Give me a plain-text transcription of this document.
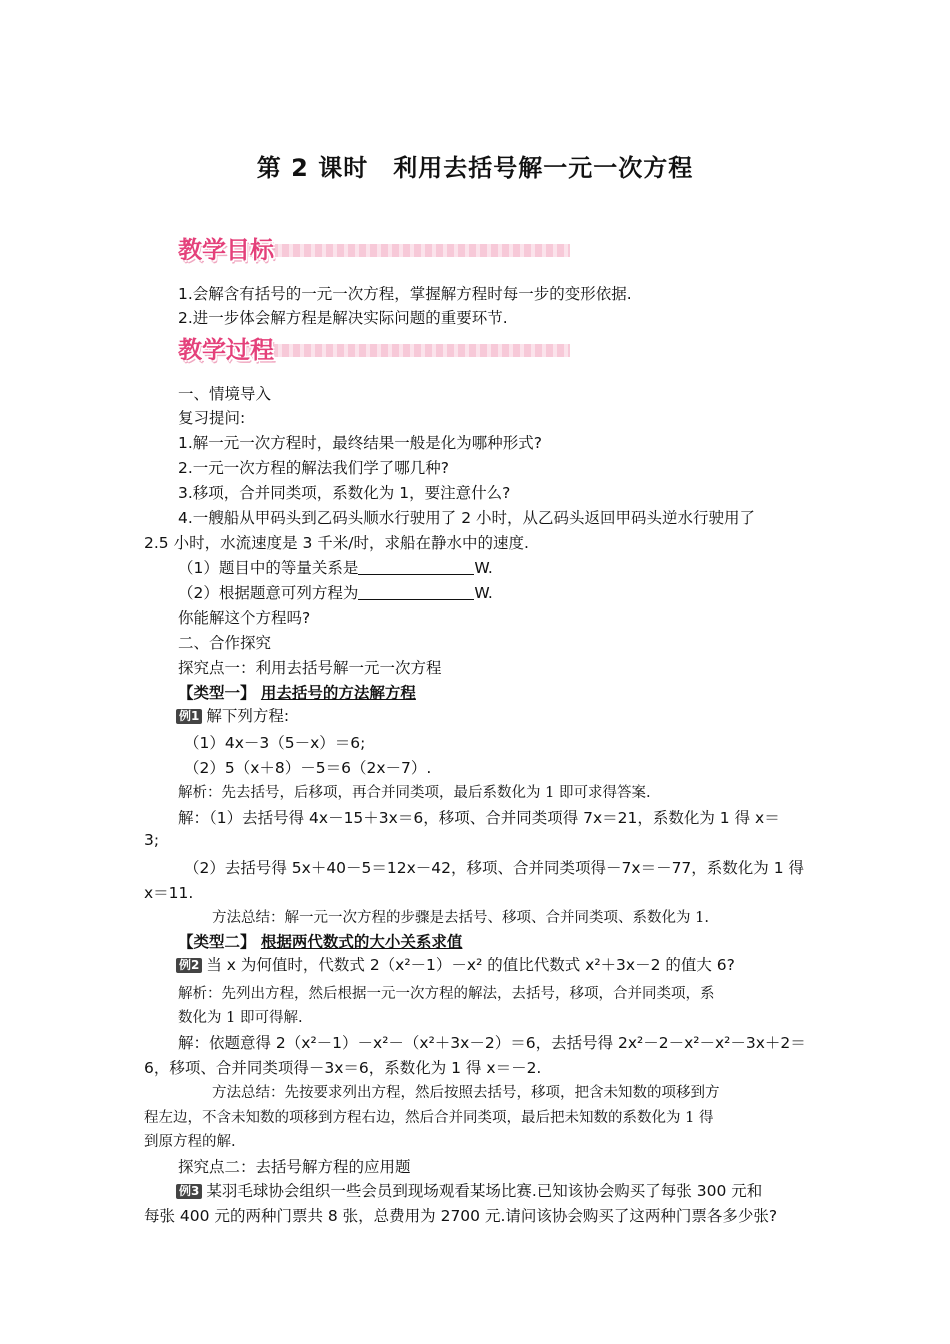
第 2 课时　利用去括号解一元一次方程
教学目标
1.会解含有括号的一元一次方程，掌握解方程时每一步的变形依据.
2.进一步体会解方程是解决实际问题的重要环节.
教学过程
一、情境导入
复习提问:
1.解一元一次方程时，最终结果一般是化为哪种形式?
2.一元一次方程的解法我们学了哪几种?
3.移项，合并同类项，系数化为 1，要注意什么?
4.一艘船从甲码头到乙码头顺水行驶用了 2 小时，从乙码头返回甲码头逆水行驶用了
2.5 小时，水流速度是 3 千米/时，求船在静水中的速度.
（1）题目中的等量关系是	W.
（2）根据题意可列方程为	W.
你能解这个方程吗?
二、合作探究
探究点一：利用去括号解一元一次方程
【类型一】 用去括号的方法解方程
例1 解下列方程:
（1）4x－3（5－x）＝6;
（2）5（x＋8）－5＝6（2x－7）.
解析：先去括号，后移项，再合并同类项，最后系数化为 1 即可求得答案.
解：（1）去括号得 4x－15＋3x＝6，移项、合并同类项得 7x＝21，系数化为 1 得 x＝
3;
（2）去括号得 5x＋40－5＝12x－42，移项、合并同类项得－7x＝－77，系数化为 1 得
x＝11.
方法总结：解一元一次方程的步骤是去括号、移项、合并同类项、系数化为 1.
【类型二】 根据两代数式的大小关系求值
例2 当 x 为何值时，代数式 2（x²－1）－x² 的值比代数式 x²＋3x－2 的值大 6?
解析：先列出方程，然后根据一元一次方程的解法，去括号，移项，合并同类项，系
数化为 1 即可得解.
解：依题意得 2（x²－1）－x²－（x²＋3x－2）＝6，去括号得 2x²－2－x²－x²－3x＋2＝
6，移项、合并同类项得－3x＝6，系数化为 1 得 x＝－2.
方法总结：先按要求列出方程，然后按照去括号，移项，把含未知数的项移到方
程左边，不含未知数的项移到方程右边，然后合并同类项，最后把未知数的系数化为 1 得
到原方程的解.
探究点二：去括号解方程的应用题
例3 某羽毛球协会组织一些会员到现场观看某场比赛.已知该协会购买了每张 300 元和
每张 400 元的两种门票共 8 张，总费用为 2700 元.请问该协会购买了这两种门票各多少张?
